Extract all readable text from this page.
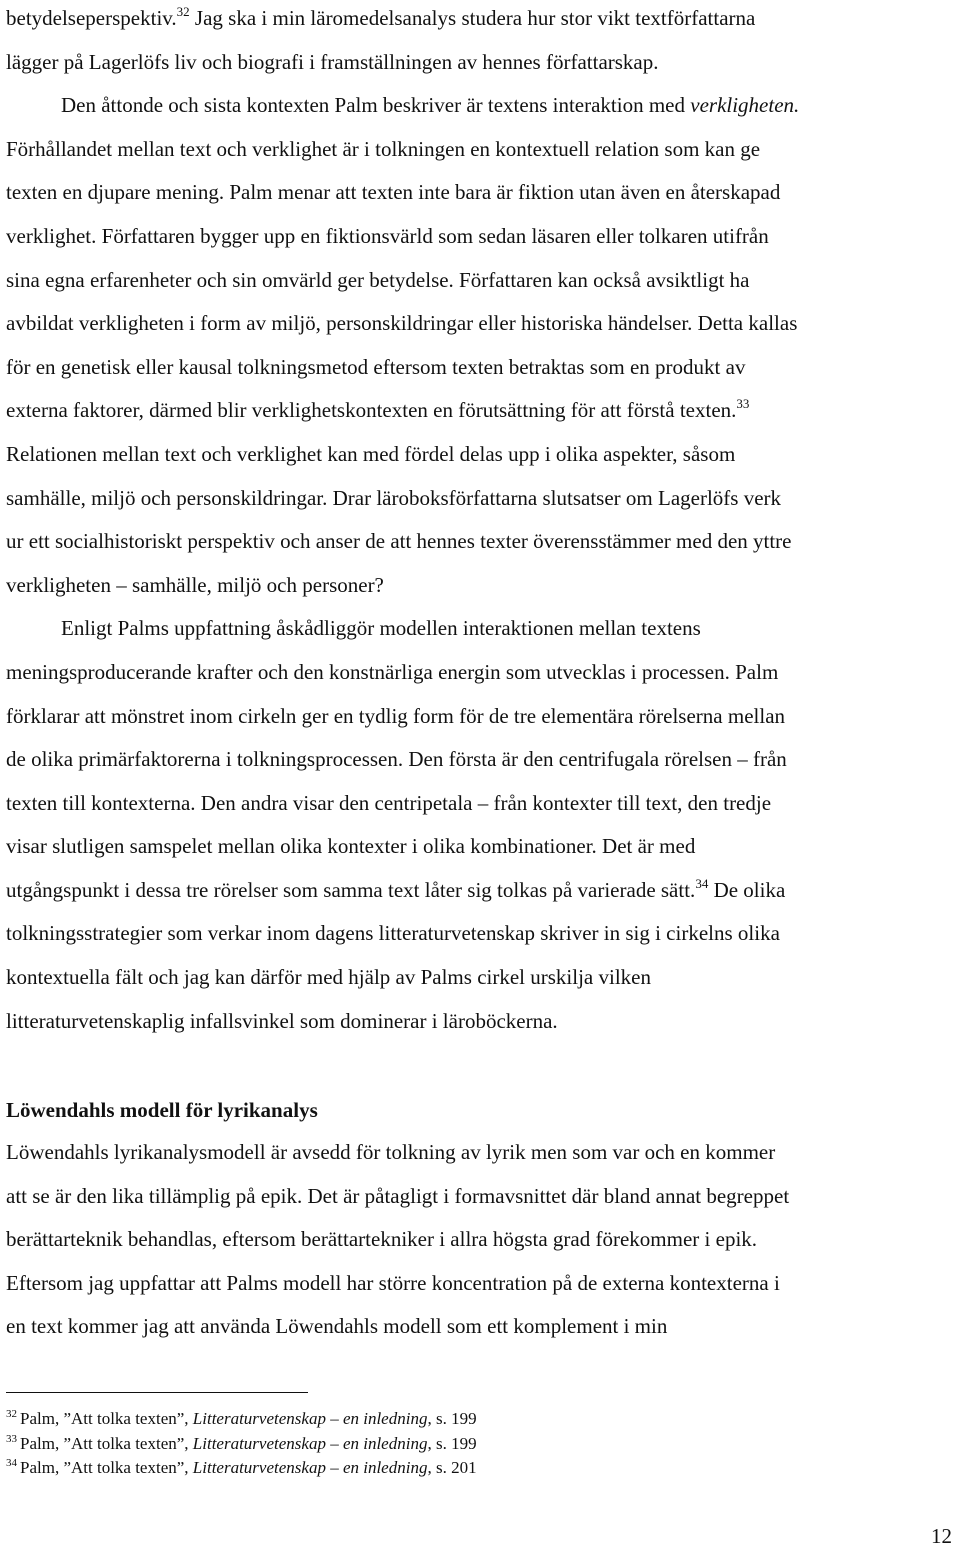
betydelseperspektiv.$^{32}$ Jag ska i min läromedelsanalys studera hur stor vikt textförfattarna
lägger på Lagerlöfs liv och biografi i framställningen av hennes författarskap.
Den åttonde och sista kontexten Palm beskriver är textens interaktion med verkligheten.
Förhållandet mellan text och verklighet är i tolkningen en kontextuell relation som kan ge
texten en djupare mening. Palm menar att texten inte bara är fiktion utan även en återskapad
verklighet. Författaren bygger upp en fiktionsvärld som sedan läsaren eller tolkaren utifrån
sina egna erfarenheter och sin omvärld ger betydelse. Författaren kan också avsiktligt ha
avbildat verkligheten i form av miljö, personskildringar eller historiska händelser. Detta kallas
för en genetisk eller kausal tolkningsmetod eftersom texten betraktas som en produkt av
externa faktorer, därmed blir verklighetskontexten en förutsättning för att förstå texten.$^{33}$
Relationen mellan text och verklighet kan med fördel delas upp i olika aspekter, såsom
samhälle, miljö och personskildringar. Drar läroboksförfattarna slutsatser om Lagerlöfs verk
ur ett socialhistoriskt perspektiv och anser de att hennes texter överensstämmer med den yttre
verkligheten – samhälle, miljö och personer?
Enligt Palms uppfattning åskådliggör modellen interaktionen mellan textens
meningsproducerande krafter och den konstnärliga energin som utvecklas i processen. Palm
förklarar att mönstret inom cirkeln ger en tydlig form för de tre elementära rörelserna mellan
de olika primärfaktorerna i tolkningsprocessen. Den första är den centrifugala rörelsen – från
texten till kontexterna. Den andra visar den centripetala – från kontexter till text, den tredje
visar slutligen samspelet mellan olika kontexter i olika kombinationer. Det är med
utgångspunkt i dessa tre rörelser som samma text låter sig tolkas på varierade sätt.$^{34}$ De olika
tolkningsstrategier som verkar inom dagens litteraturvetenskap skriver in sig i cirkelns olika
kontextuella fält och jag kan därför med hjälp av Palms cirkel urskilja vilken
litteraturvetenskaplig infallsvinkel som dominerar i läroböckerna.
Löwendahls modell för lyrikanalys
Löwendahls lyrikanalysmodell är avsedd för tolkning av lyrik men som var och en kommer
att se är den lika tillämplig på epik. Det är påtagligt i formavsnittet där bland annat begreppet
berättarteknik behandlas, eftersom berättartekniker i allra högsta grad förekommer i epik.
Eftersom jag uppfattar att Palms modell har större koncentration på de externa kontexterna i
en text kommer jag att använda Löwendahls modell som ett komplement i min
$^{32}$ Palm, ”Att tolka texten”, Litteraturvetenskap – en inledning, s. 199
$^{33}$ Palm, ”Att tolka texten”, Litteraturvetenskap – en inledning, s. 199
$^{34}$ Palm, ”Att tolka texten”, Litteraturvetenskap – en inledning, s. 201
12
